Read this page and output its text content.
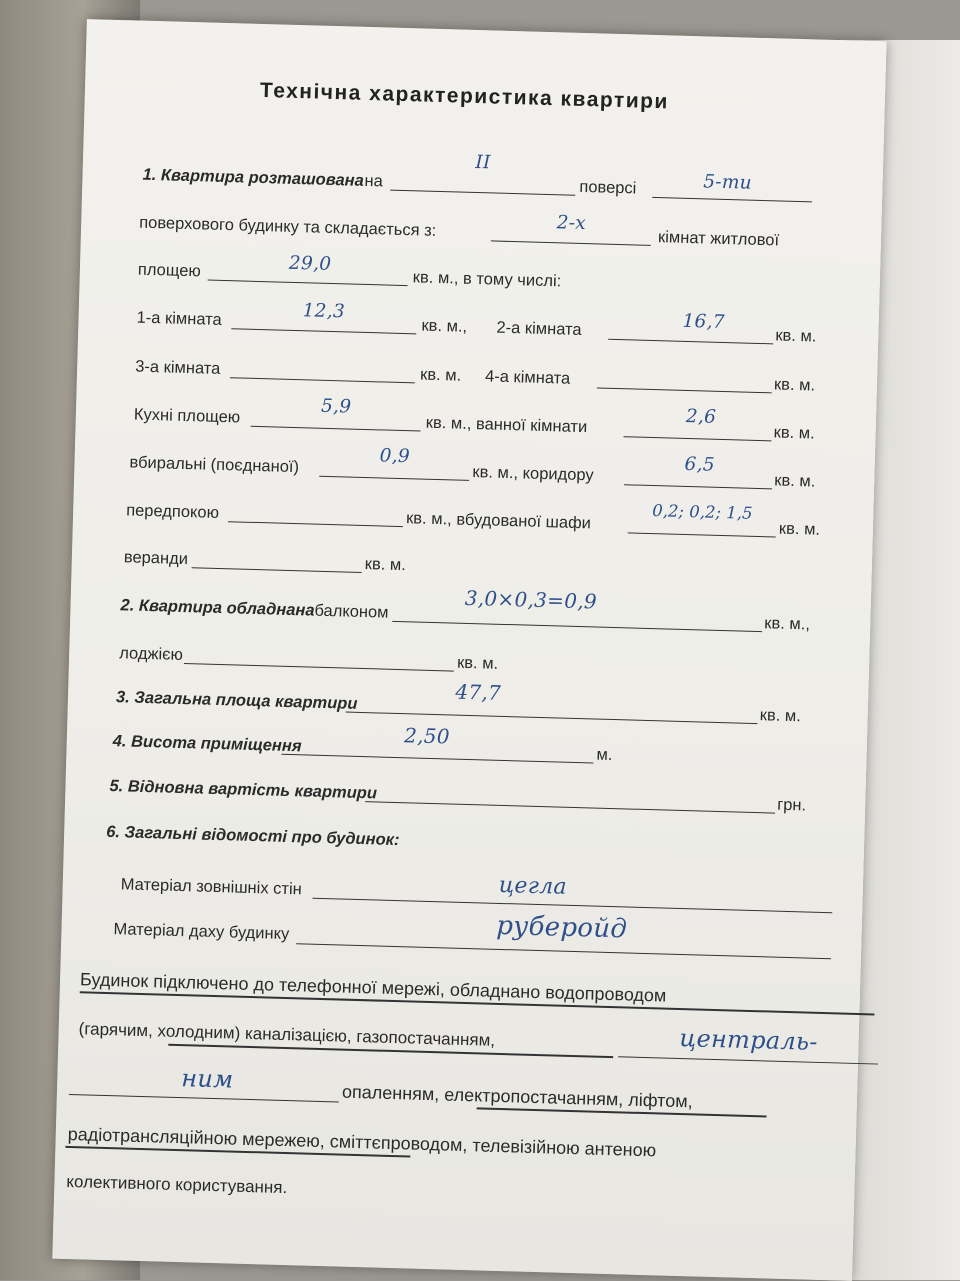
Технічна характеристика квартири
1. Квартира розташована на
II
поверсі	5-ти
поверхового будинку та складається з:	2-х
кімнат житлової
площею	29,0
кв. м., в тому числі:
1-а кімната	12,3
кв. м., 2-а кімната	16,7
кв. м.
3-а кімната	кв. м. 4-а кімната	кв. м.
Кухні площею	5,9
кв. м., ванної кімнати	2,6
кв. м.
вбиральні (поєднаної)	0,9
кв. м., коридору	6,5
кв. м.
передпокою	кв. м., вбудованої шафи	0,2; 0,2; 1,5
кв. м.
веранди	кв. м.
2. Квартира обладнана балконом	3,0×0,3=0,9
кв. м.,
лоджією	кв. м.
3. Загальна площа квартири	47,7
кв. м.
4. Висота приміщення	2,50
м.
5. Відновна вартість квартири
грн.
6. Загальні відомості про будинок:
Матеріал зовнішніх стін	цегла
Матеріал даху будинку	руберойд
Будинок підключено до телефонної мережі, обладнано водопроводом
(гарячим, холодним) каналізацією, газопостачанням,	централь-
ним
опаленням, електропостачанням, ліфтом,
радіотрансляційною мережею, сміттєпроводом, телевізійною антеною
колективного користування.
